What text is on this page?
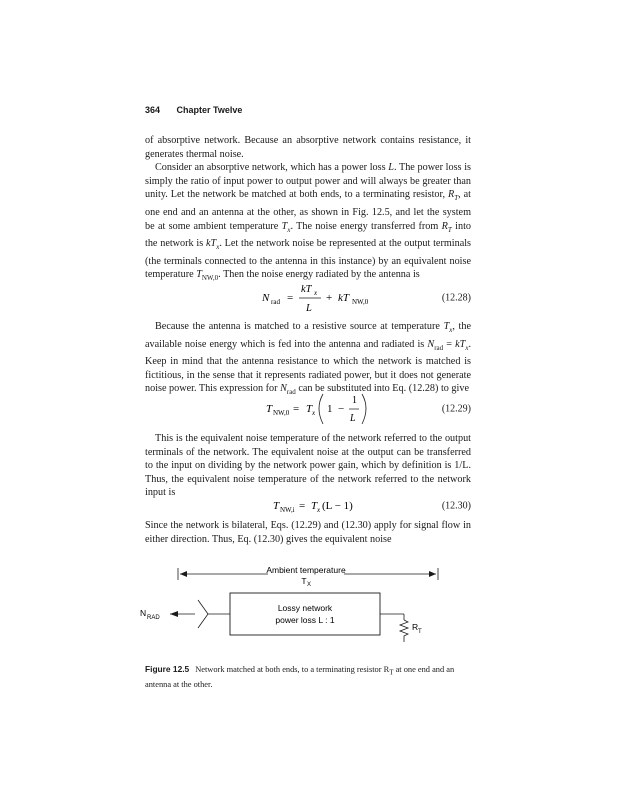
364 Chapter Twelve

of absorptive network. Because an absorptive network contains resistance, it generates thermal noise.

Consider an absorptive network, which has a power loss L. The power loss is simply the ratio of input power to output power and will always be greater than unity. Let the network be matched at both ends, to a terminating resistor, $R_T$, at one end and an antenna at the other, as shown in Fig. 12.5, and let the system be at some ambient temperature $T_x$. The noise energy transferred from $R_T$ into the network is $kT_x$. Let the network noise be represented at the output terminals (the terminals connected to the antenna in this instance) by an equivalent noise temperature $T_{NW,0}$. Then the noise energy radiated by the antenna is

N rad =
kT x
L
+ kT NW,0	(12.28)

Because the antenna is matched to a resistive source at temperature $T_x$, the available noise energy which is fed into the antenna and radiated is $N_{rad} = kT_x$. Keep in mind that the antenna resistance to which the network is matched is fictitious, in the sense that it represents radiated power, but it does not generate noise power. This expression for $N_{rad}$ can be substituted into Eq. (12.28) to give

T NW,0 = T x 1 −
1
L
(12.29)

This is the equivalent noise temperature of the network referred to the output terminals of the network. The equivalent noise at the output can be transferred to the input on dividing by the network power gain, which by definition is 1/L. Thus, the equivalent noise temperature of the network referred to the network input is

T NW,i = T x (L − 1)	(12.30)

Since the network is bilateral, Eqs. (12.29) and (12.30) apply for signal flow in either direction. Thus, Eq. (12.30) gives the equivalent noise

Ambient temperature
T X
N RAD
Lossy network
power loss L : 1
R T
Figure 12.5 Network matched at both ends, to a terminating resistor $R_T$ at one end and an antenna at the other.
